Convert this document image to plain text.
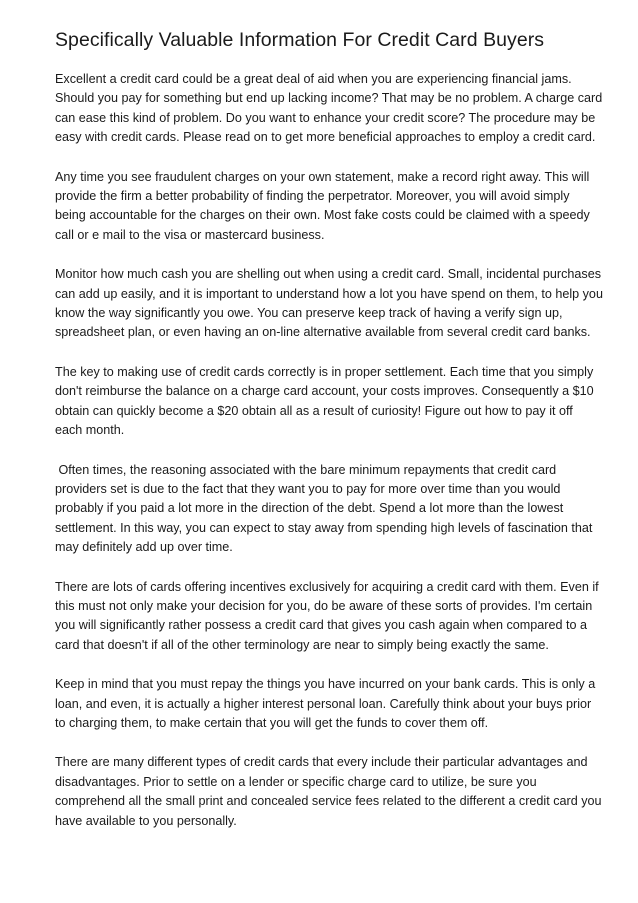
Specifically Valuable Information For Credit Card Buyers

Excellent a credit card could be a great deal of aid when you are experiencing financial jams. Should you pay for something but end up lacking income? That may be no problem. A charge card can ease this kind of problem. Do you want to enhance your credit score? The procedure may be easy with credit cards. Please read on to get more beneficial approaches to employ a credit card.

Any time you see fraudulent charges on your own statement, make a record right away. This will provide the firm a better probability of finding the perpetrator. Moreover, you will avoid simply being accountable for the charges on their own. Most fake costs could be claimed with a speedy call or e mail to the visa or mastercard business.

Monitor how much cash you are shelling out when using a credit card. Small, incidental purchases can add up easily, and it is important to understand how a lot you have spend on them, to help you know the way significantly you owe. You can preserve keep track of having a verify sign up, spreadsheet plan, or even having an on-line alternative available from several credit card banks.

The key to making use of credit cards correctly is in proper settlement. Each time that you simply don't reimburse the balance on a charge card account, your costs improves. Consequently a $10 obtain can quickly become a $20 obtain all as a result of curiosity! Figure out how to pay it off each month.

Often times, the reasoning associated with the bare minimum repayments that credit card providers set is due to the fact that they want you to pay for more over time than you would probably if you paid a lot more in the direction of the debt. Spend a lot more than the lowest settlement. In this way, you can expect to stay away from spending high levels of fascination that may definitely add up over time.

There are lots of cards offering incentives exclusively for acquiring a credit card with them. Even if this must not only make your decision for you, do be aware of these sorts of provides. I'm certain you will significantly rather possess a credit card that gives you cash again when compared to a card that doesn't if all of the other terminology are near to simply being exactly the same.

Keep in mind that you must repay the things you have incurred on your bank cards. This is only a loan, and even, it is actually a higher interest personal loan. Carefully think about your buys prior to charging them, to make certain that you will get the funds to cover them off.

There are many different types of credit cards that every include their particular advantages and disadvantages. Prior to settle on a lender or specific charge card to utilize, be sure you comprehend all the small print and concealed service fees related to the different a credit card you have available to you personally.
